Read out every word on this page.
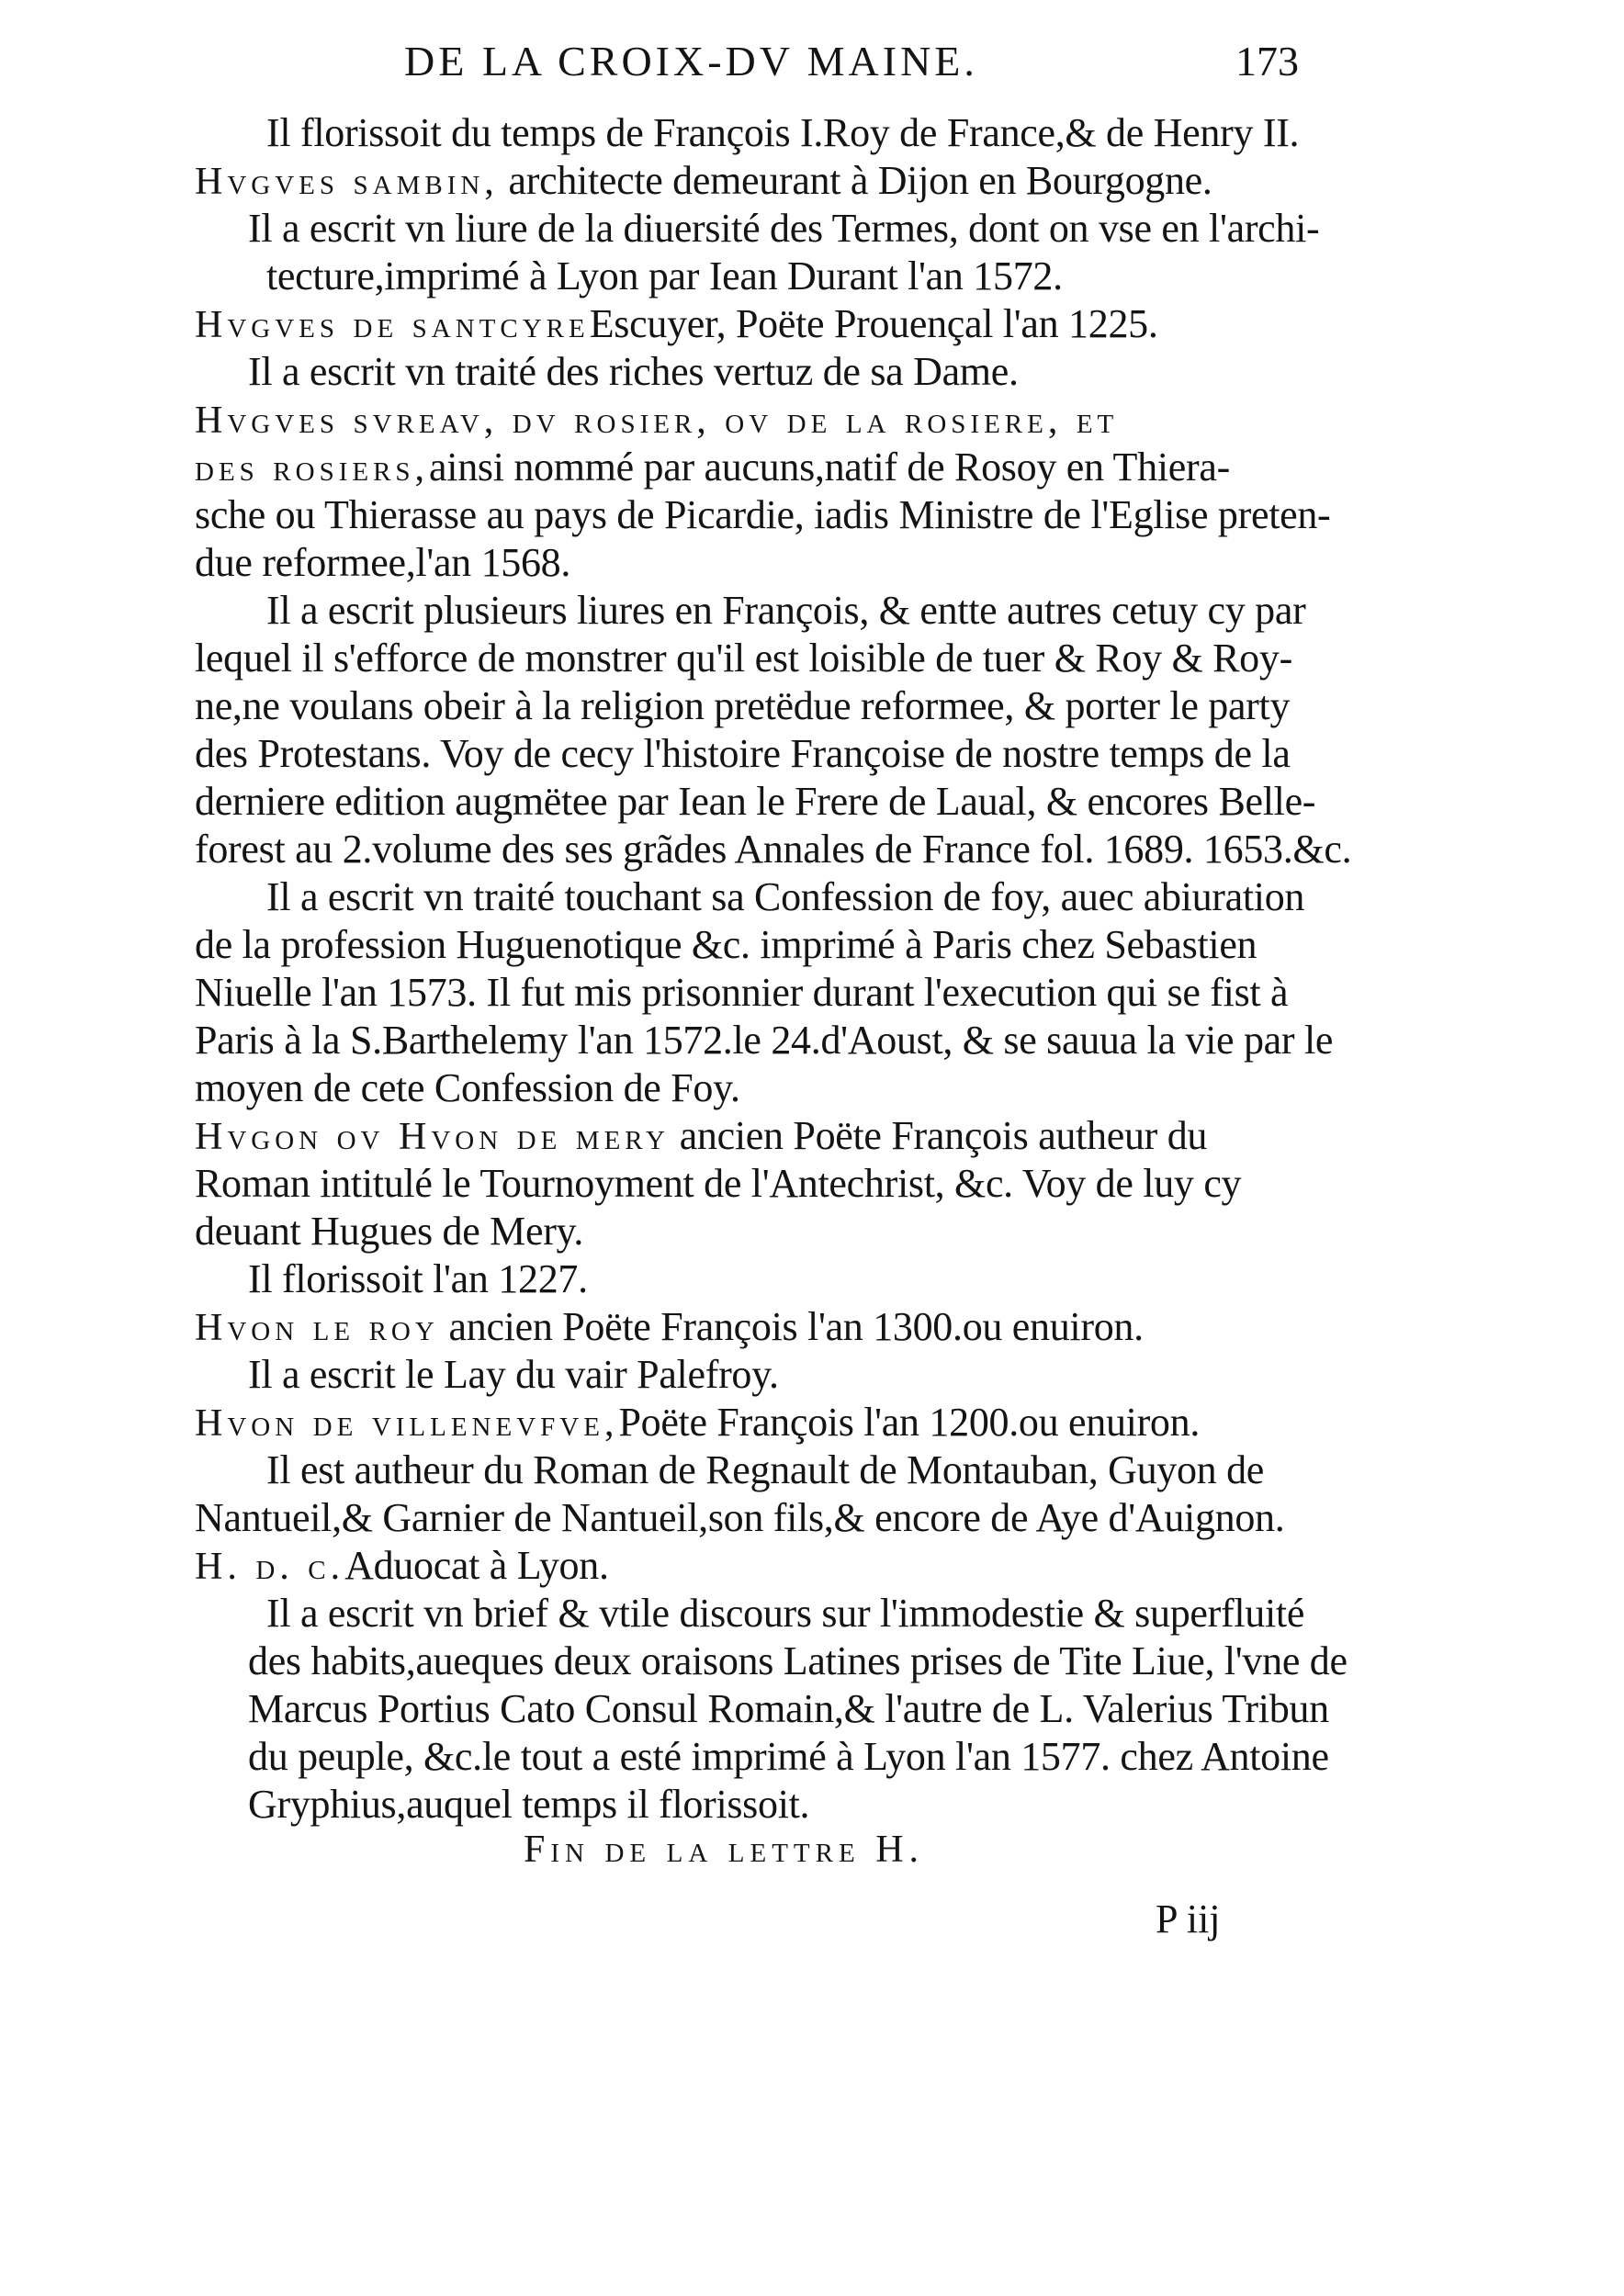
DE LA CROIX-DV MAINE.	173
Il florissoit du temps de François I.Roy de France,& de Henry II.
Hvgves sambin, architecte demeurant à Dijon en Bourgogne.
Il a escrit vn liure de la diuersité des Termes, dont on vse en l'archi-
tecture,imprimé à Lyon par Iean Durant l'an 1572.
Hvgves de santcyreEscuyer, Poëte Prouençal l'an 1225.
Il a escrit vn traité des riches vertuz de sa Dame.
Hvgves svreav, dv rosier, ov de la rosiere, et
des rosiers,ainsi nommé par aucuns,natif de Rosoy en Thiera-
sche ou Thierasse au pays de Picardie, iadis Ministre de l'Eglise preten-
due reformee,l'an 1568.
Il a escrit plusieurs liures en François, & entte autres cetuy cy par
lequel il s'efforce de monstrer qu'il est loisible de tuer & Roy & Roy-
ne,ne voulans obeir à la religion pretëdue reformee, & porter le party
des Protestans. Voy de cecy l'histoire Françoise de nostre temps de la
derniere edition augmëtee par Iean le Frere de Laual, & encores Belle-
forest au 2.volume des ses grãdes Annales de France fol. 1689. 1653.&c.
Il a escrit vn traité touchant sa Confession de foy, auec abiuration
de la profession Huguenotique &c. imprimé à Paris chez Sebastien
Niuelle l'an 1573. Il fut mis prisonnier durant l'execution qui se fist à
Paris à la S.Barthelemy l'an 1572.le 24.d'Aoust, & se sauua la vie par le
moyen de cete Confession de Foy.
Hvgon ov Hvon de mery ancien Poëte François autheur du
Roman intitulé le Tournoyment de l'Antechrist, &c. Voy de luy cy
deuant Hugues de Mery.
Il florissoit l'an 1227.
Hvon le roy ancien Poëte François l'an 1300.ou enuiron.
Il a escrit le Lay du vair Palefroy.
Hvon de villenevfve,Poëte François l'an 1200.ou enuiron.
Il est autheur du Roman de Regnault de Montauban, Guyon de
Nantueil,& Garnier de Nantueil,son fils,& encore de Aye d'Auignon.
H. d. c.Aduocat à Lyon.
Il a escrit vn brief & vtile discours sur l'immodestie & superfluité
des habits,aueques deux oraisons Latines prises de Tite Liue, l'vne de
Marcus Portius Cato Consul Romain,& l'autre de L. Valerius Tribun
du peuple, &c.le tout a esté imprimé à Lyon l'an 1577. chez Antoine
Gryphius,auquel temps il florissoit.
Fin de la lettre H.
P iij
